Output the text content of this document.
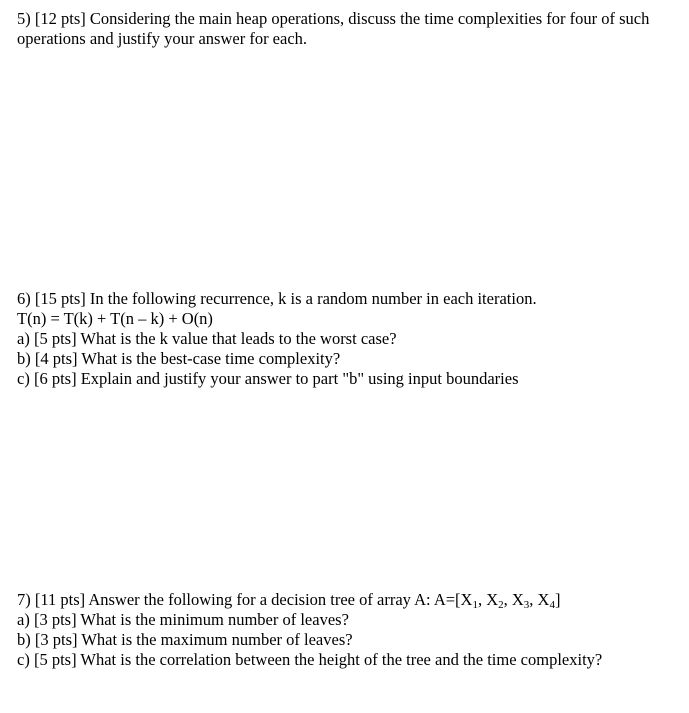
5) [12 pts] Considering the main heap operations, discuss the time complexities for four of such operations and justify your answer for each.
6) [15 pts] In the following recurrence, k is a random number in each iteration.
T(n) = T(k) + T(n – k) + O(n)
a) [5 pts] What is the k value that leads to the worst case?
b) [4 pts] What is the best-case time complexity?
c) [6 pts] Explain and justify your answer to part "b" using input boundaries
7) [11 pts] Answer the following for a decision tree of array A: $A=[X_1$, $X_2$, $X_3$, $X_4$]
a) [3 pts] What is the minimum number of leaves?
b) [3 pts] What is the maximum number of leaves?
c) [5 pts] What is the correlation between the height of the tree and the time complexity?
